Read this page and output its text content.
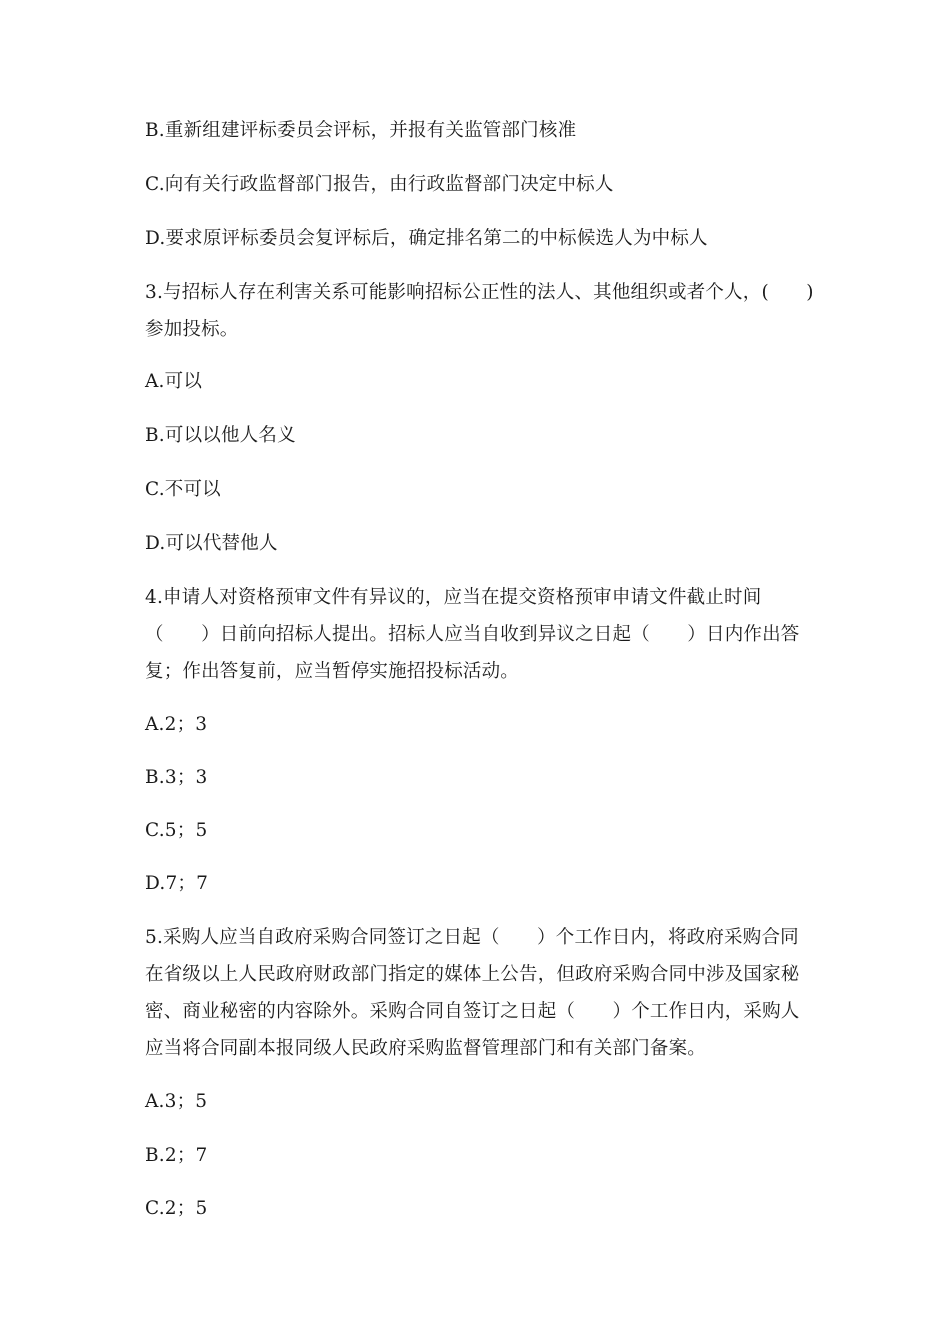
B.重新组建评标委员会评标，并报有关监管部门核准
C.向有关行政监督部门报告，由行政监督部门决定中标人
D.要求原评标委员会复评标后，确定排名第二的中标候选人为中标人
3.与招标人存在利害关系可能影响招标公正性的法人、其他组织或者个人，(　　)
参加投标。
A.可以
B.可以以他人名义
C.不可以
D.可以代替他人
4.申请人对资格预审文件有异议的，应当在提交资格预审申请文件截止时间
（　　）日前向招标人提出。招标人应当自收到异议之日起（　　）日内作出答
复；作出答复前，应当暂停实施招投标活动。
A.2；3
B.3；3
C.5；5
D.7；7
5.采购人应当自政府采购合同签订之日起（　　）个工作日内，将政府采购合同
在省级以上人民政府财政部门指定的媒体上公告，但政府采购合同中涉及国家秘
密、商业秘密的内容除外。采购合同自签订之日起（　　）个工作日内，采购人
应当将合同副本报同级人民政府采购监督管理部门和有关部门备案。
A.3；5
B.2；7
C.2；5
